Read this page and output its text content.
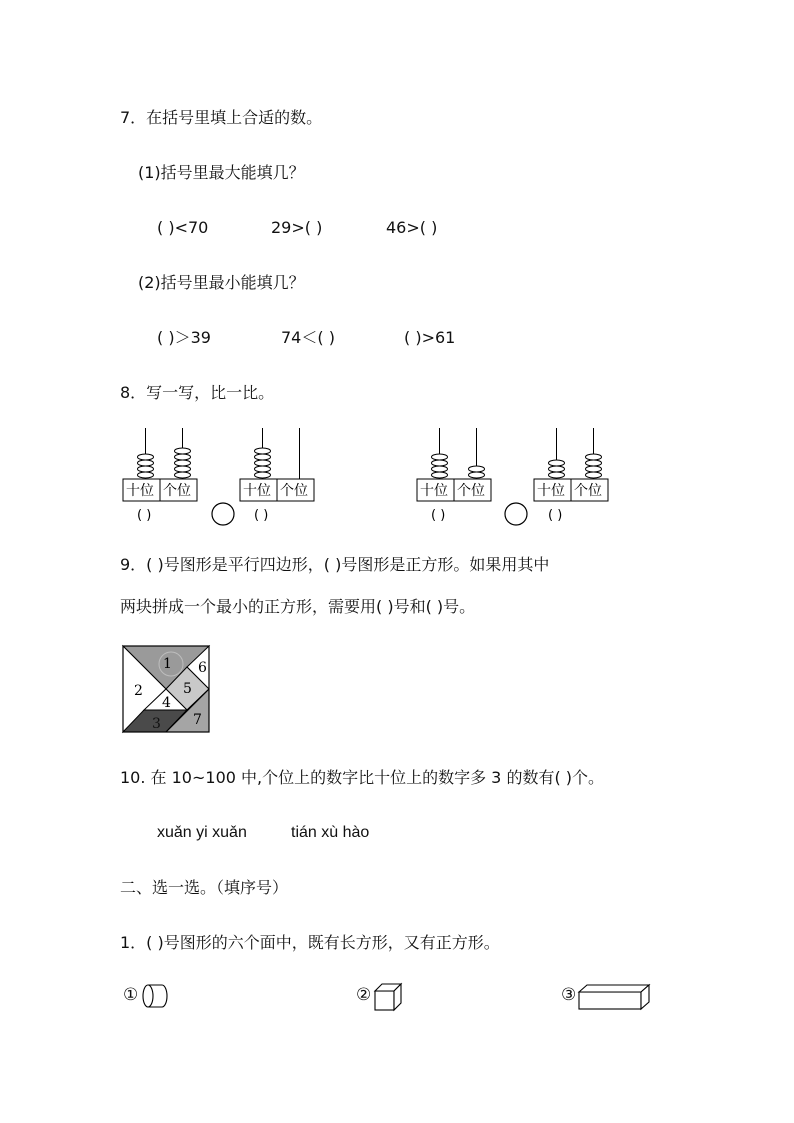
7．在括号里填上合适的数。
(1)括号里最大能填几？
( )<70	29>( )	46>( )
(2)括号里最小能填几？
( )＞39	74＜( )	( )>61
8．写一写，比一比。
十位 个位
( )
十位 个位
( )
十位 个位
( )
十位 个位
( )
9．( )号图形是平行四边形，( )号图形是正方形。如果用其中
两块拼成一个最小的正方形，需要用( )号和( )号。
1
2
3
4
5
6
7
10. 在 10~100 中,个位上的数字比十位上的数字多 3 的数有( )个。
xuǎn yi xuǎn	tián xù hào
二、选一选。（填序号）
1．( )号图形的六个面中，既有长方形，又有正方形。
①	②	③
